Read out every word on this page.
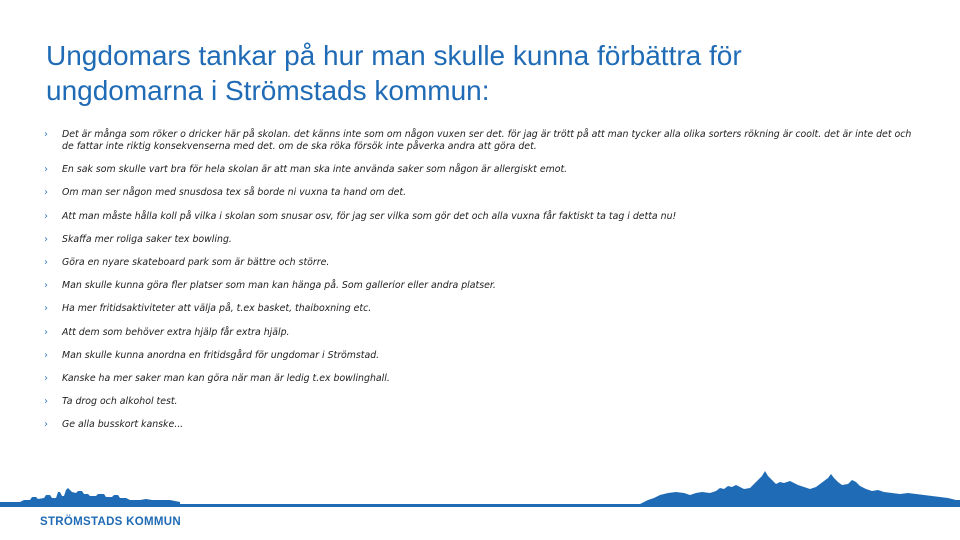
Ungdomars tankar på hur man skulle kunna förbättra för ungdomarna i Strömstads kommun:
›	Det är många som röker o dricker här på skolan. det känns inte som om någon vuxen ser det. för jag är trött på att man tycker alla olika sorters rökning är coolt. det är inte det och de fattar inte riktig konsekvenserna med det. om de ska röka försök inte påverka andra att göra det.
›	En sak som skulle vart bra för hela skolan är att man ska inte använda saker som någon är allergiskt emot.
›	Om man ser någon med snusdosa tex så borde ni vuxna ta hand om det.
›	Att man måste hålla koll på vilka i skolan som snusar osv, för jag ser vilka som gör det och alla vuxna får faktiskt ta tag i detta nu!
›	Skaffa mer roliga saker tex bowling.
›	Göra en nyare skateboard park som är bättre och större.
›	Man skulle kunna göra fler platser som man kan hänga på. Som gallerior eller andra platser.
›	Ha mer fritidsaktiviteter att välja på, t.ex basket, thaiboxning etc.
›	Att dem som behöver extra hjälp får extra hjälp.
›	Man skulle kunna anordna en fritidsgård för ungdomar i Strömstad.
›	Kanske ha mer saker man kan göra när man är ledig t.ex bowlinghall.
›	Ta drog och alkohol test.
›	Ge alla busskort kanske...
STRÖMSTADS KOMMUN
